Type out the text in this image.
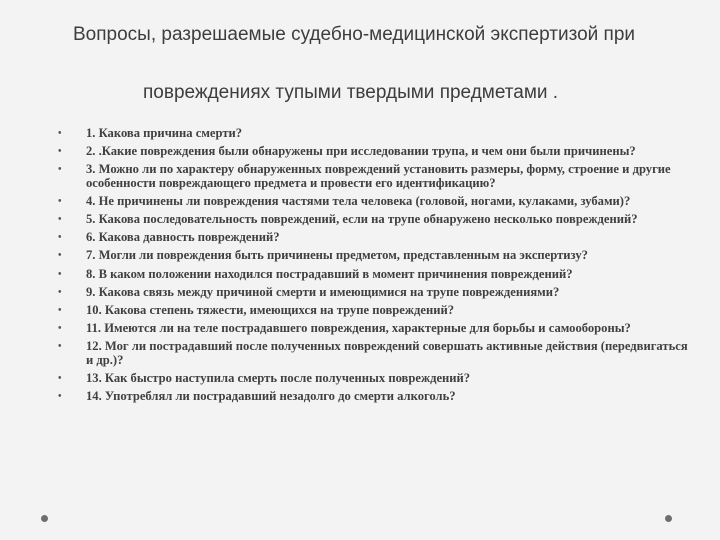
Вопросы, разрешаемые судебно-медицинской экспертизой при
повреждениях тупыми твердыми предметами .
• 1. Какова причина смерти?
• 2. .Какие повреждения были обнаружены при исследовании трупа, и чем они были причинены?
• 3. Можно ли по характеру обнаруженных повреждений установить размеры, форму, строение и другие особенности повреждающего предмета и провести его идентификацию?
• 4. Не причинены ли повреждения частями тела человека (головой, ногами, кулаками, зубами)?
• 5. Какова последовательность повреждений, если на трупе обнаружено несколько повреждений?
• 6. Какова давность повреждений?
• 7. Могли ли повреждения быть причинены предметом, представленным на экспертизу?
• 8. В каком положении находился пострадавший в момент причинения повреждений?
• 9. Какова связь между причиной смерти и имеющимися на трупе повреждениями?
• 10. Какова степень тяжести, имеющихся на трупе повреждений?
• 11. Имеются ли на теле пострадавшего повреждения, характерные для борьбы и самообороны?
• 12. Мог ли пострадавший после полученных повреждений совершать активные действия (передвигаться и др.)?
• 13. Как быстро наступила смерть после полученных повреждений?
• 14. Употреблял ли пострадавший незадолго до смерти алкоголь?
